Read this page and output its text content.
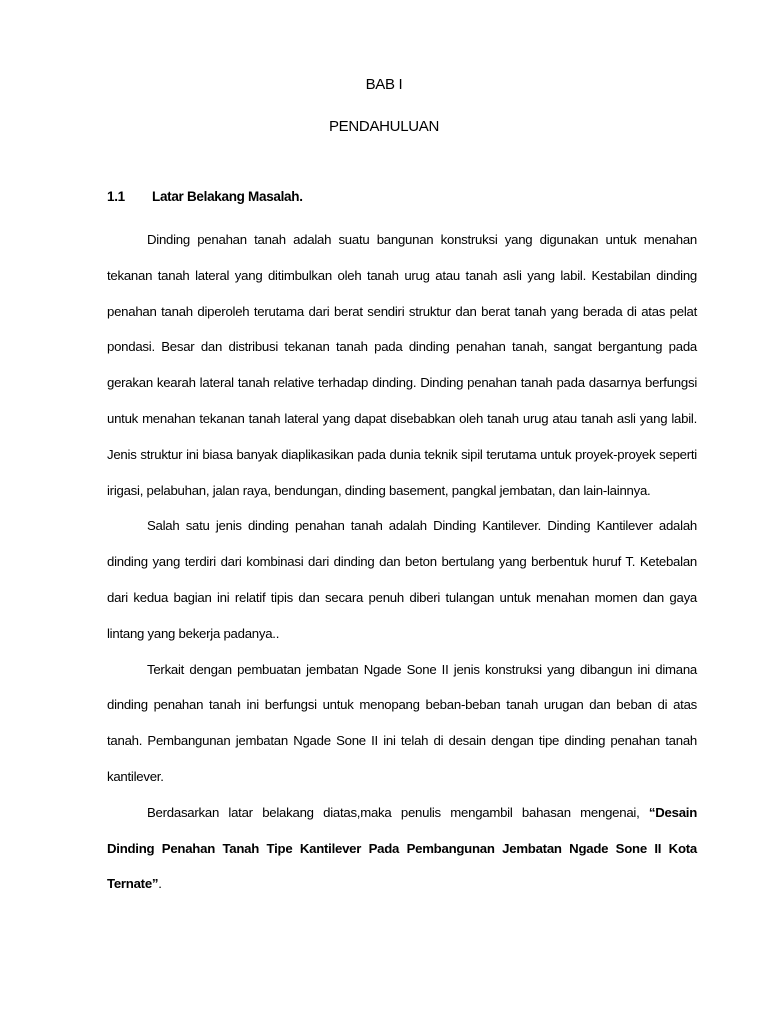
BAB I
PENDAHULUAN
1.1 Latar Belakang Masalah.

Dinding penahan tanah adalah suatu bangunan konstruksi yang digunakan untuk menahan tekanan tanah lateral yang ditimbulkan oleh tanah urug atau tanah asli yang labil. Kestabilan dinding penahan tanah diperoleh terutama dari berat sendiri struktur dan berat tanah yang berada di atas pelat pondasi. Besar dan distribusi tekanan tanah pada dinding penahan tanah, sangat bergantung pada gerakan kearah lateral tanah relative terhadap dinding. Dinding penahan tanah pada dasarnya berfungsi untuk menahan tekanan tanah lateral yang dapat disebabkan oleh tanah urug atau tanah asli yang labil. Jenis struktur ini biasa banyak diaplikasikan pada dunia teknik sipil terutama untuk proyek-proyek seperti irigasi, pelabuhan, jalan raya, bendungan, dinding basement, pangkal jembatan, dan lain-lainnya.

Salah satu jenis dinding penahan tanah adalah Dinding Kantilever. Dinding Kantilever adalah dinding yang terdiri dari kombinasi dari dinding dan beton bertulang yang berbentuk huruf T. Ketebalan dari kedua bagian ini relatif tipis dan secara penuh diberi tulangan untuk menahan momen dan gaya lintang yang bekerja padanya..

Terkait dengan pembuatan jembatan Ngade Sone II jenis konstruksi yang dibangun ini dimana dinding penahan tanah ini berfungsi untuk menopang beban-beban tanah urugan dan beban di atas tanah. Pembangunan jembatan Ngade Sone II ini telah di desain dengan tipe dinding penahan tanah kantilever.

Berdasarkan latar belakang diatas,maka penulis mengambil bahasan mengenai, “Desain Dinding Penahan Tanah Tipe Kantilever Pada Pembangunan Jembatan Ngade Sone II Kota Ternate”.
